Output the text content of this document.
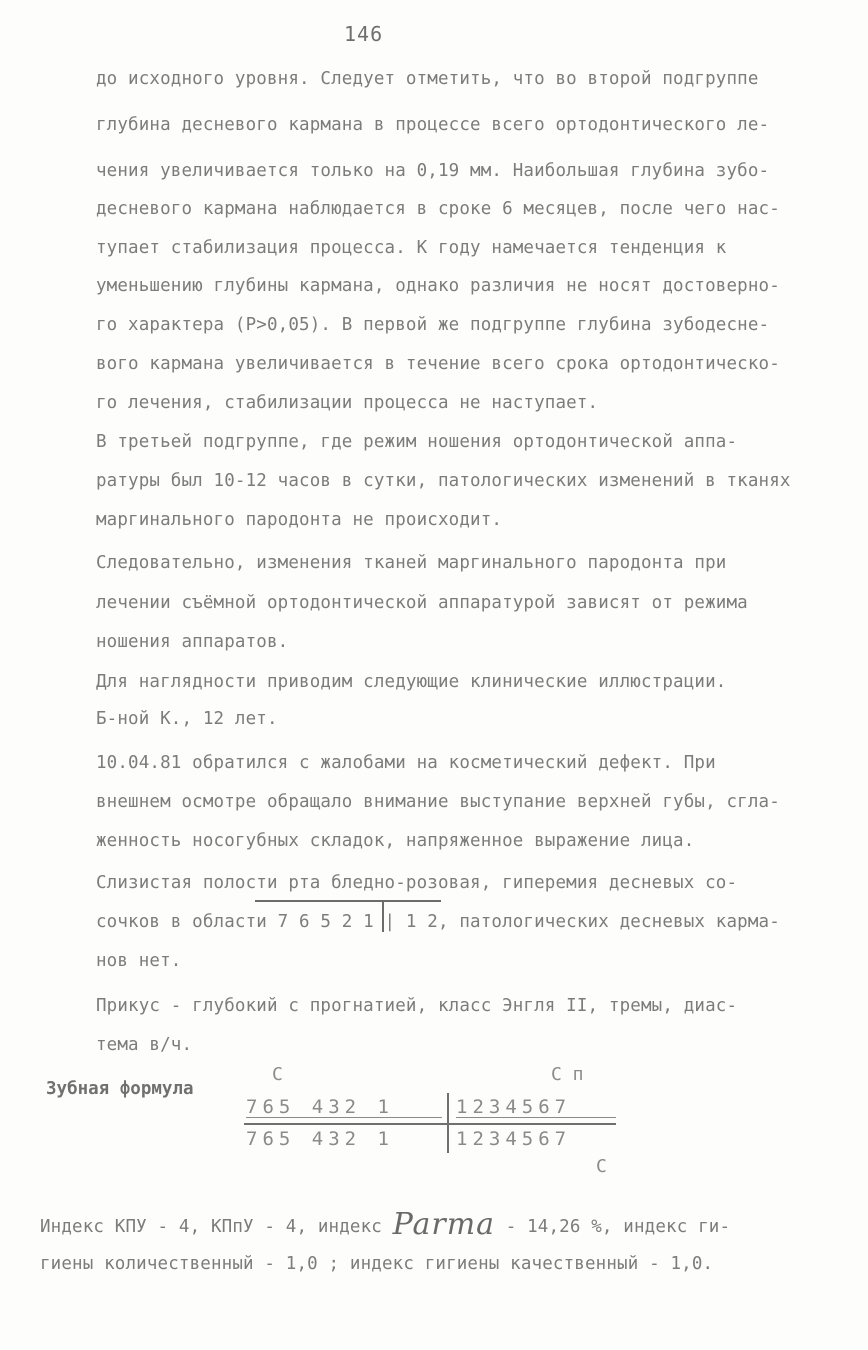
146
до исходного уровня. Следует отметить, что во второй подгруппе
глубина десневого кармана в процессе всего ортодонтического ле-
чения увеличивается только на 0,19 мм. Наибольшая глубина зубо-
десневого кармана наблюдается в сроке 6 месяцев, после чего нас-
тупает стабилизация процесса. К году намечается тенденция к
уменьшению глубины кармана, однако различия не носят достоверно-
го характера (P>0,05). В первой же подгруппе глубина зубодесне-
вого кармана увеличивается в течение всего срока ортодонтическо-
го лечения, стабилизации процесса не наступает.
В третьей подгруппе, где режим ношения ортодонтической аппа-
ратуры был 10-12 часов в сутки, патологических изменений в тканях
маргинального пародонта не происходит.
Следовательно, изменения тканей маргинального пародонта при
лечении съёмной ортодонтической аппаратурой зависят от режима
ношения аппаратов.
Для наглядности приводим следующие клинические иллюстрации.
Б-ной К., 12 лет.
10.04.81 обратился с жалобами на косметический дефект. При
внешнем осмотре обращало внимание выступание верхней губы, сгла-
женность носогубных складок, напряженное выражение лица.
Слизистая полости рта бледно-розовая, гиперемия десневых со-
сочков в области 7 6 5 2 1 | 1 2, патологических десневых карма-
нов нет.
Прикус - глубокий с прогнатией, класс Энгля II, тремы, диас-
тема в/ч.
Зубная формула
С	С п
765 432 1	1234567
765 432 1	1234567
С
Индекс КПУ - 4, КПпУ - 4, индекс Parma - 14,26 %, индекс ги-
гиены количественный - 1,0 ; индекс гигиены качественный - 1,0.
